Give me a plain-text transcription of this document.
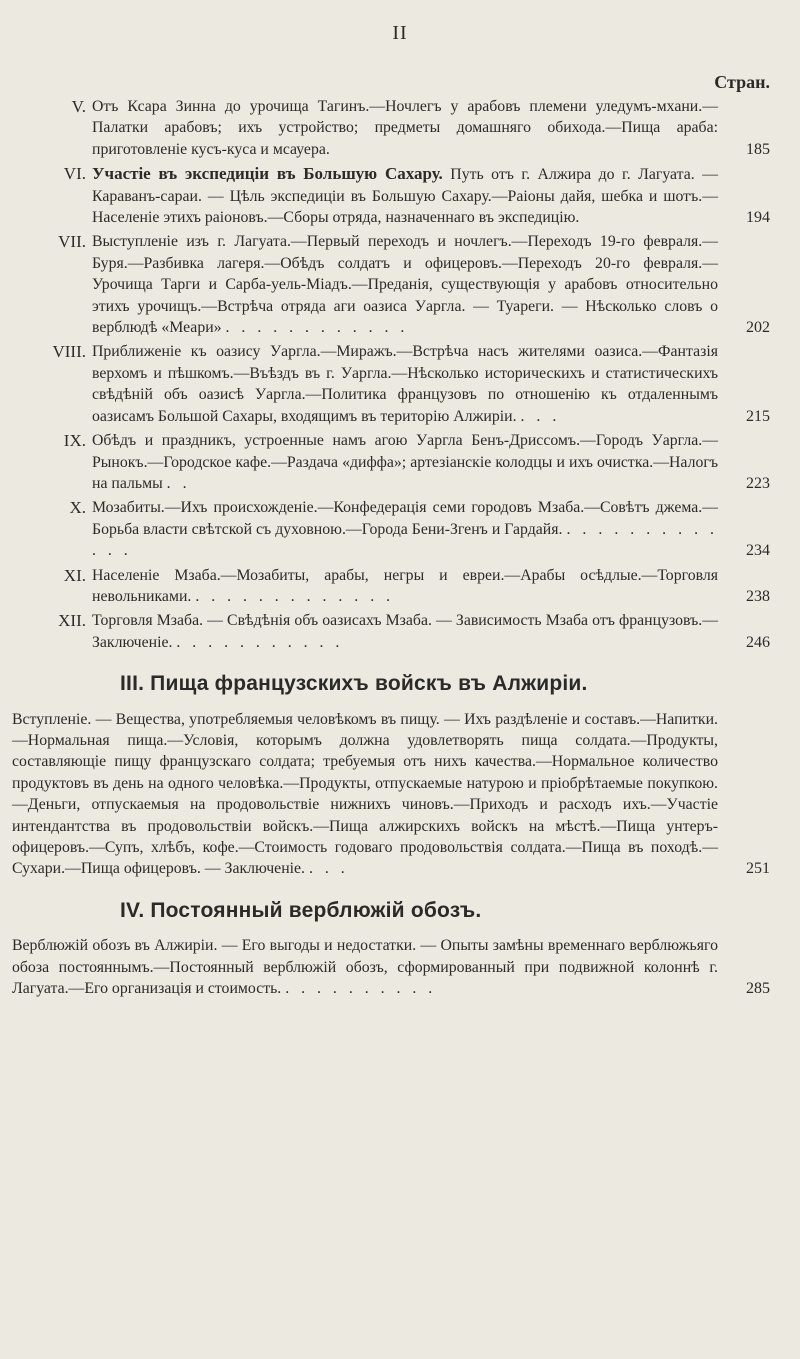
II
Стран.
V. Отъ Ксара Зинна до урочища Тагинъ.—Ночлегъ у арабовъ племени уледумъ-мхани.—Палатки арабовъ; ихъ устройство; предметы домашняго обихода.—Пища араба: приготовленіе кусъ-куса и мсауера.	185
VI. Участіе въ экспедиціи въ Большую Сахару. Путь отъ г. Алжира до г. Лагуата. — Караванъ-сараи. — Цѣль экспедиціи въ Большую Сахару.—Раіоны дайя, шебка и шотъ.—Населеніе этихъ раіоновъ.—Сборы отряда, назначеннаго въ экспедицію.	194
VII. Выступленіе изъ г. Лагуата.—Первый переходъ и ночлегъ.—Переходъ 19-го февраля.—Буря.—Разбивка лагеря.—Обѣдъ солдатъ и офицеровъ.—Переходъ 20-го февраля.—Урочища Тарги и Сарба-уель-Міадъ.—Преданія, существующія у арабовъ относительно этихъ урочищъ.—Встрѣча отряда аги оазиса Уаргла. — Туареги. — Нѣсколько словъ о верблюдѣ «Меари» . . . . . . . . . . . .	202
VIII. Приближеніе къ оазису Уаргла.—Миражъ.—Встрѣча насъ жителями оазиса.—Фантазія верхомъ и пѣшкомъ.—Въѣздъ въ г. Уаргла.—Нѣсколько историческихъ и статистическихъ свѣдѣній объ оазисѣ Уаргла.—Политика французовъ по отношенію къ отдаленнымъ оазисамъ Большой Сахары, входящимъ въ територію Алжиріи. . . .	215
IX. Обѣдъ и праздникъ, устроенные намъ агою Уаргла Бенъ-Дриссомъ.—Городъ Уаргла.—Рынокъ.—Городское кафе.—Раздача «диффа»; артезіанскіе колодцы и ихъ очистка.—Налогъ на пальмы . .	223
X. Мозабиты.—Ихъ происхожденіе.—Конфедерація семи городовъ Мзаба.—Совѣтъ джема.—Борьба власти свѣтской съ духовною.—Города Бени-Згенъ и Гардайя. . . . . . . . . . . . . .	234
XI. Населеніе Мзаба.—Мозабиты, арабы, негры и евреи.—Арабы осѣдлые.—Торговля невольниками. . . . . . . . . . . . . .	238
XII. Торговля Мзаба. — Свѣдѣнія объ оазисахъ Мзаба. — Зависимость Мзаба отъ французовъ.—Заключеніе. . . . . . . . . . . .	246
III. Пища французскихъ войскъ въ Алжиріи.
Вступленіе. — Вещества, употребляемыя человѣкомъ въ пищу. — Ихъ раздѣленіе и составъ.—Напитки.—Нормальная пища.—Условія, которымъ должна удовлетворять пища солдата.—Продукты, составляющіе пищу французскаго солдата; требуемыя отъ нихъ качества.—Нормальное количество продуктовъ въ день на одного человѣка.—Продукты, отпускаемые натурою и пріобрѣтаемые покупкою.—Деньги, отпускаемыя на продовольствіе нижнихъ чиновъ.—Приходъ и расходъ ихъ.—Участіе интендантства въ продовольствіи войскъ.—Пища алжирскихъ войскъ на мѣстѣ.—Пища унтеръ-офицеровъ.—Супъ, хлѣбъ, кофе.—Стоимость годоваго продовольствія солдата.—Пища въ походѣ.—Сухари.—Пища офицеровъ. — Заключеніе. . . .	251
IV. Постоянный верблюжій обозъ.
Верблюжій обозъ въ Алжиріи. — Его выгоды и недостатки. — Опыты замѣны временнаго верблюжьяго обоза постояннымъ.—Постоянный верблюжій обозъ, сформированный при подвижной колоннѣ г. Лагуата.—Его организація и стоимость. . . . . . . . . . .	285
